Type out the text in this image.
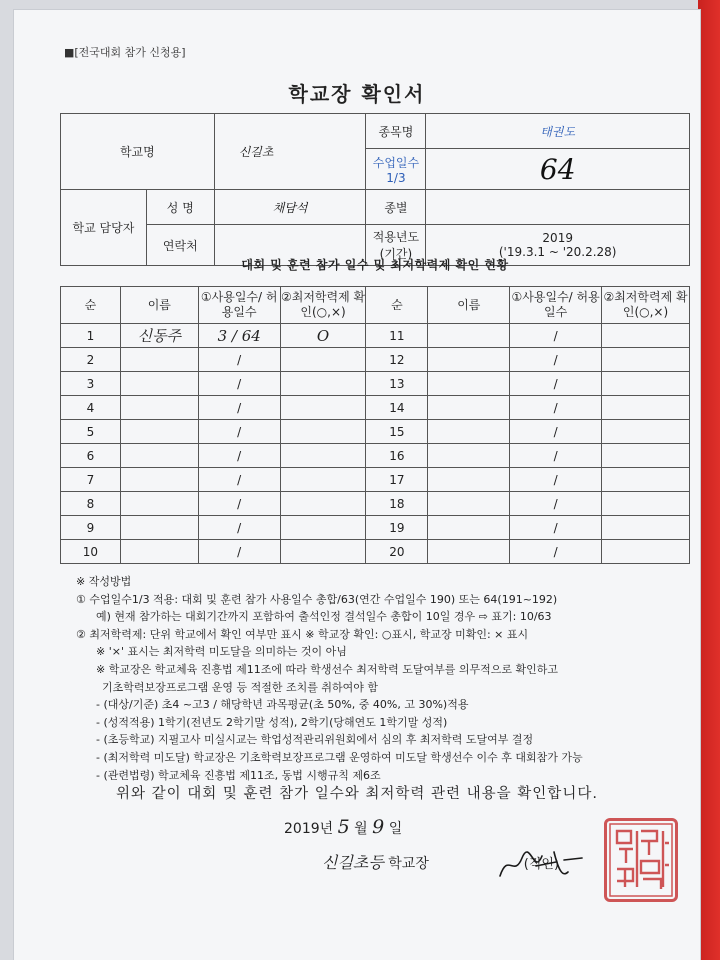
■[전국대회 참가 신청용]
학교장 확인서
학교명		신길초	종목명	태권도
			수업일수 1/3	64
학교 담당자	성 명	채담석	종별	
	연락처		적용년도 (기간)	2019
('19.3.1 ~ '20.2.28)
대회 및 훈련 참가 일수 및 최저학력제 확인 현황
순	이름	①사용일수/ 허용일수	②최저학력제 확인(○,×)	순	이름	①사용일수/ 허용일수	②최저학력제 확인(○,×)
1	신동주	3 / 64	O	11		/	
2		/		12		/	
3		/		13		/	
4		/		14		/	
5		/		15		/	
6		/		16		/	
7		/		17		/	
8		/		18		/	
9		/		19		/	
10		/		20		/	
※ 작성방법
① 수업일수1/3 적용: 대회 및 훈련 참가 사용일수 총합/63(연간 수업일수 190) 또는 64(191~192)
예) 현재 참가하는 대회기간까지 포함하여 출석인정 결석일수 총합이 10일 경우 ⇨ 표기: 10/63
② 최저학력제: 단위 학교에서 확인 여부만 표시 ※ 학교장 확인: ○표시, 학교장 미확인: × 표시
※ '×' 표시는 최저학력 미도달을 의미하는 것이 아님
※ 학교장은 학교체육 진흥법 제11조에 따라 학생선수 최저학력 도달여부를 의무적으로 확인하고
기초학력보장프로그램 운영 등 적절한 조치를 취하여야 함
- (대상/기준) 초4 ~고3 / 해당학년 과목평균(초 50%, 중 40%, 고 30%)적용
- (성적적용) 1학기(전년도 2학기말 성적), 2학기(당해연도 1학기말 성적)
- (초등학교) 지필고사 미실시교는 학업성적관리위원회에서 심의 후 최저학력 도달여부 결정
- (최저학력 미도달) 학교장은 기초학력보장프로그램 운영하여 미도달 학생선수 이수 후 대회참가 가능
- (관련법령) 학교체육 진흥법 제11조, 동법 시행규칙 제6조
위와 같이 대회 및 훈련 참가 일수와 최저학력 관련 내용을 확인합니다.
2019년 5 월 9 일
신길초등 학교장	(직인)
